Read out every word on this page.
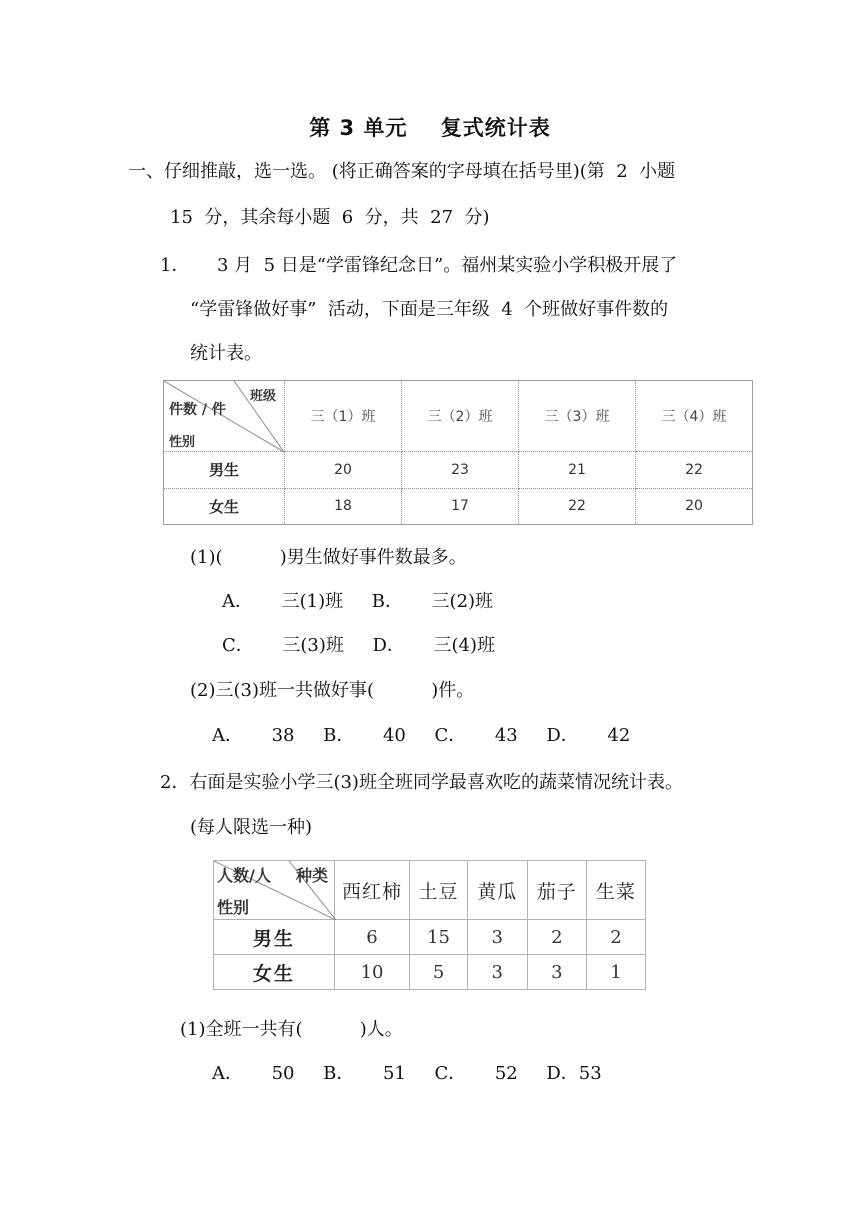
第 3 单元    复式统计表
一、仔细推敲，选一选。 (将正确答案的字母填在括号里)(第  2  小题
15  分，其余每小题  6  分，共  27  分)
1． 3 月  5 日是“学雷锋纪念日”。福州某实验小学积极开展了
“学雷锋做好事”  活动，下面是三年级  4  个班做好事件数的
统计表。
班级
件数 / 件
性别	三（1）班	三（2）班	三（3）班	三（4）班
男生	20	23	21	22
女生	18	17	22	20
(1)(          )男生做好事件数最多。
A．     三(1)班     B．     三(2)班
C．     三(3)班     D．     三(4)班
(2)三(3)班一共做好事(          )件。
A．     38     B．     40     C．     43     D．     42
2．右面是实验小学三(3)班全班同学最喜欢吃的蔬菜情况统计表。
(每人限选一种)
种类
人数/人
性别	西红柿	土豆	黄瓜	茄子	生菜
男生	6	15	3	2	2
女生	10	5	3	3	1
(1)全班一共有(          )人。
A．     50     B．     51     C．     52     D．53
